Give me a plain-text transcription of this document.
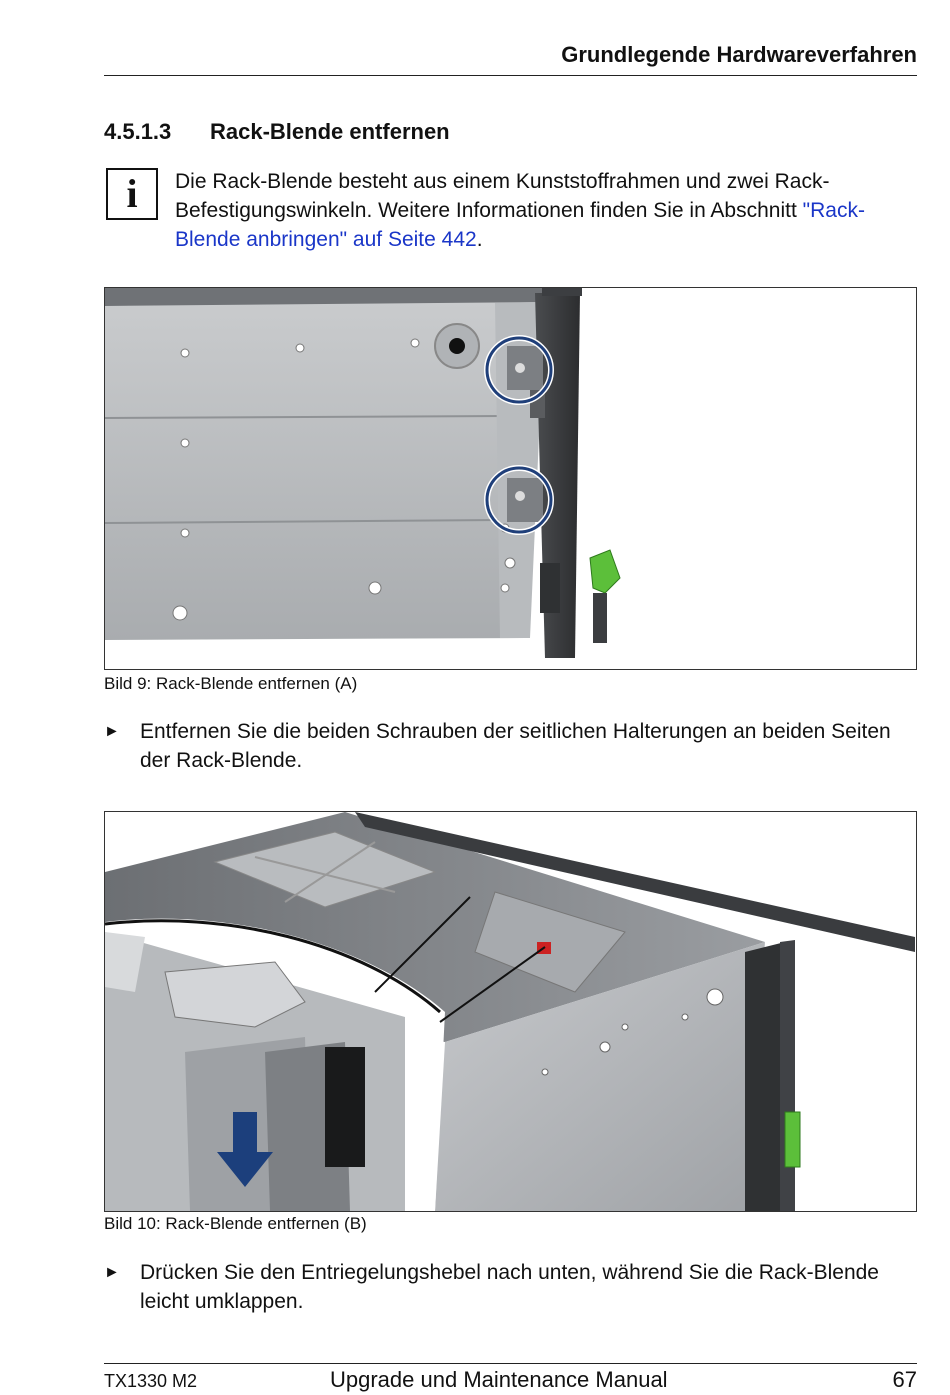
Grundlegende Hardwareverfahren
4.5.1.3 Rack-Blende entfernen
i Die Rack-Blende besteht aus einem Kunststoffrahmen und zwei Rack-Befestigungswinkeln. Weitere Informationen finden Sie in Abschnitt "Rack-Blende anbringen" auf Seite 442.
Bild 9: Rack-Blende entfernen (A)
► Entfernen Sie die beiden Schrauben der seitlichen Halterungen an beiden Seiten der Rack-Blende.
Bild 10: Rack-Blende entfernen (B)
► Drücken Sie den Entriegelungshebel nach unten, während Sie die Rack-Blende leicht umklappen.
TX1330 M2	Upgrade und Maintenance Manual	67
